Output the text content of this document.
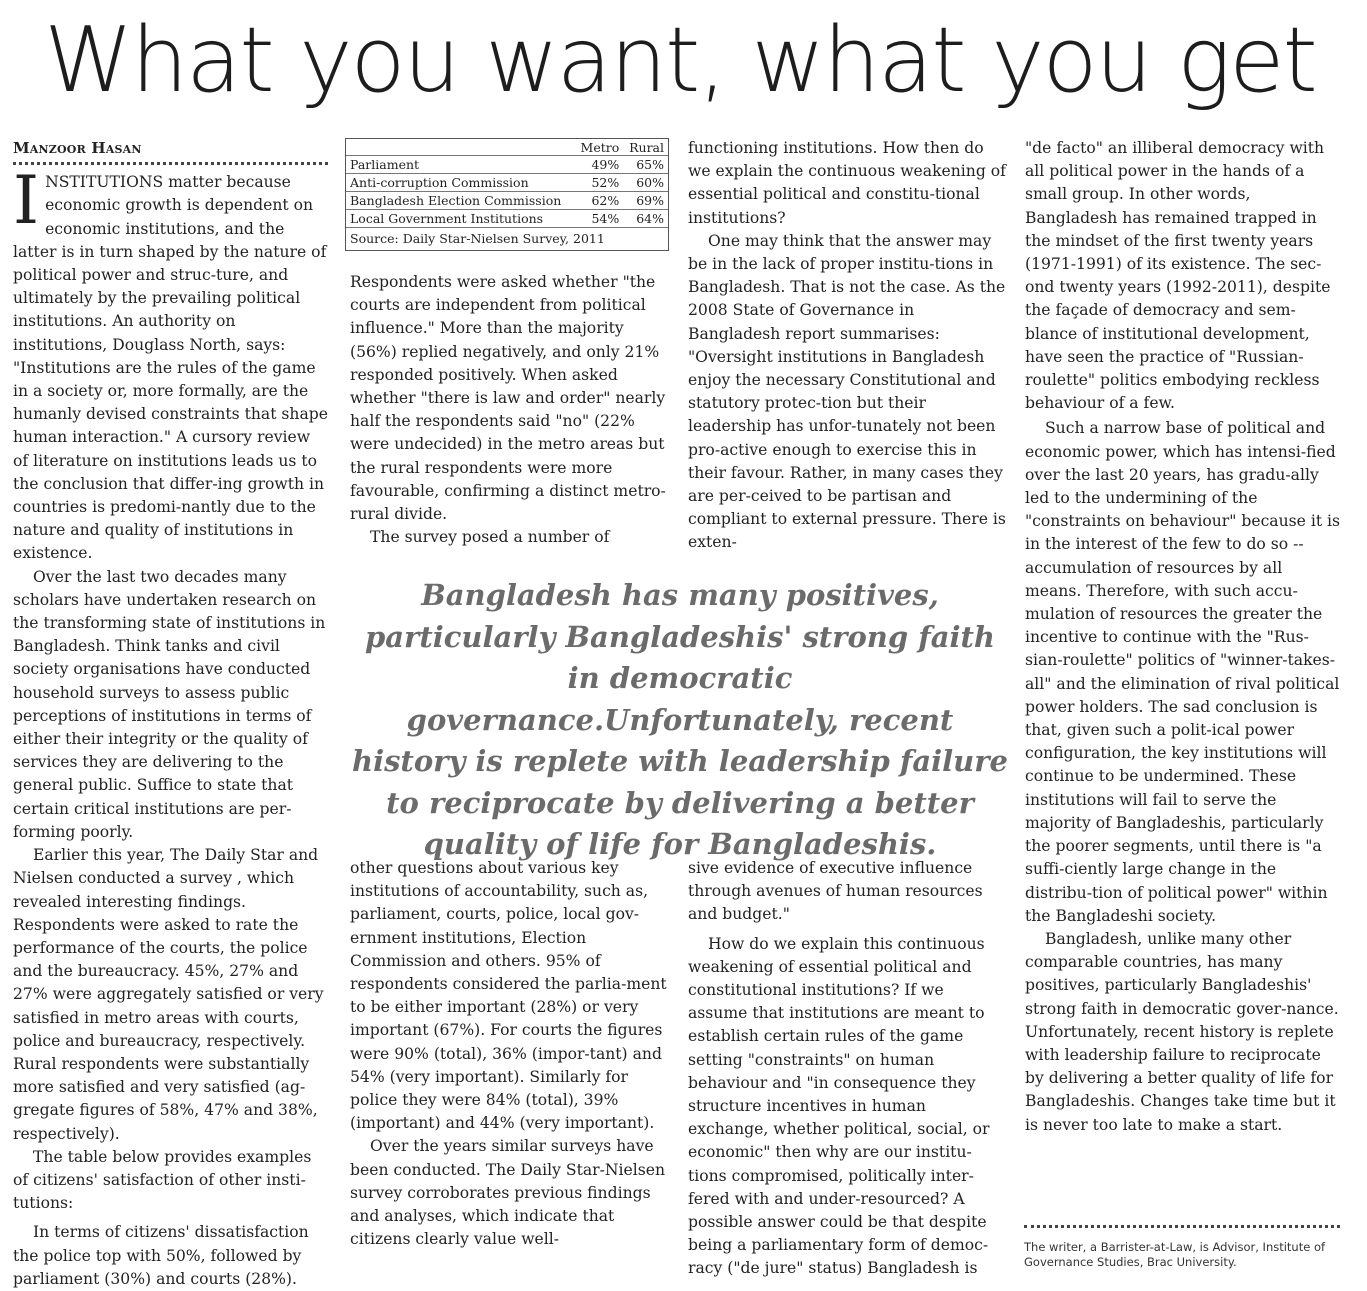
What you want, what you get
Manzoor Hasan

INSTITUTIONS matter because economic growth is dependent on economic institutions, and the latter is in turn shaped by the nature of political power and struc-ture, and ultimately by the prevailing political institutions. An authority on institutions, Douglass North, says: "Institutions are the rules of the game in a society or, more formally, are the humanly devised constraints that shape human interaction." A cursory review of literature on institutions leads us to the conclusion that differ-ing growth in countries is predomi-nantly due to the nature and quality of institutions in existence.

Over the last two decades many scholars have undertaken research on the transforming state of institutions in Bangladesh. Think tanks and civil society organisations have conducted household surveys to assess public perceptions of institutions in terms of either their integrity or the quality of services they are delivering to the general public. Suffice to state that certain critical institutions are per-forming poorly.

Earlier this year, The Daily Star and Nielsen conducted a survey , which revealed interesting findings. Respondents were asked to rate the performance of the courts, the police and the bureaucracy. 45%, 27% and 27% were aggregately satisfied or very satisfied in metro areas with courts, police and bureaucracy, respectively. Rural respondents were substantially more satisfied and very satisfied (ag-gregate figures of 58%, 47% and 38%, respectively).

The table below provides examples of citizens' satisfaction of other insti-tutions:

In terms of citizens' dissatisfaction the police top with 50%, followed by parliament (30%) and courts (28%).

	Metro	Rural
Parliament	49%	65%
Anti-corruption Commission	52%	60%
Bangladesh Election Commission	62%	69%
Local Government Institutions	54%	64%
Source: Daily Star-Nielsen Survey, 2011

Respondents were asked whether "the courts are independent from political influence." More than the majority (56%) replied negatively, and only 21% responded positively. When asked whether "there is law and order" nearly half the respondents said "no" (22% were undecided) in the metro areas but the rural respondents were more favourable, confirming a distinct metro-rural divide.

The survey posed a number of

functioning institutions. How then do we explain the continuous weakening of essential political and constitu-tional institutions?

One may think that the answer may be in the lack of proper institu-tions in Bangladesh. That is not the case. As the 2008 State of Governance in Bangladesh report summarises: "Oversight institutions in Bangladesh enjoy the necessary Constitutional and statutory protec-tion but their leadership has unfor-tunately not been pro-active enough to exercise this in their favour. Rather, in many cases they are per-ceived to be partisan and compliant to external pressure. There is exten-

Bangladesh has many positives, particularly Bangladeshis' strong faith in democratic governance.Unfortunately, recent history is replete with leadership failure to reciprocate by delivering a better quality of life for Bangladeshis.

other questions about various key institutions of accountability, such as, parliament, courts, police, local gov-ernment institutions, Election Commission and others. 95% of respondents considered the parlia-ment to be either important (28%) or very important (67%). For courts the figures were 90% (total), 36% (impor-tant) and 54% (very important). Similarly for police they were 84% (total), 39% (important) and 44% (very important).

Over the years similar surveys have been conducted. The Daily Star-Nielsen survey corroborates previous findings and analyses, which indicate that citizens clearly value well-

sive evidence of executive influence through avenues of human resources and budget."

How do we explain this continuous weakening of essential political and constitutional institutions? If we assume that institutions are meant to establish certain rules of the game setting "constraints" on human behaviour and "in consequence they structure incentives in human exchange, whether political, social, or economic" then why are our institu-tions compromised, politically inter-fered with and under-resourced? A possible answer could be that despite being a parliamentary form of democ-racy ("de jure" status) Bangladesh is

"de facto" an illiberal democracy with all political power in the hands of a small group. In other words, Bangladesh has remained trapped in the mindset of the first twenty years (1971-1991) of its existence. The sec-ond twenty years (1992-2011), despite the façade of democracy and sem-blance of institutional development, have seen the practice of "Russian-roulette" politics embodying reckless behaviour of a few.

Such a narrow base of political and economic power, which has intensi-fied over the last 20 years, has gradu-ally led to the undermining of the "constraints on behaviour" because it is in the interest of the few to do so -- accumulation of resources by all means. Therefore, with such accu-mulation of resources the greater the incentive to continue with the "Rus-sian-roulette" politics of "winner-takes-all" and the elimination of rival political power holders. The sad conclusion is that, given such a polit-ical power configuration, the key institutions will continue to be undermined. These institutions will fail to serve the majority of Bangladeshis, particularly the poorer segments, until there is "a suffi-ciently large change in the distribu-tion of political power" within the Bangladeshi society.

Bangladesh, unlike many other comparable countries, has many positives, particularly Bangladeshis' strong faith in democratic gover-nance. Unfortunately, recent history is replete with leadership failure to reciprocate by delivering a better quality of life for Bangladeshis. Changes take time but it is never too late to make a start.

The writer, a Barrister-at-Law, is Advisor, Institute of Governance Studies, Brac University.
